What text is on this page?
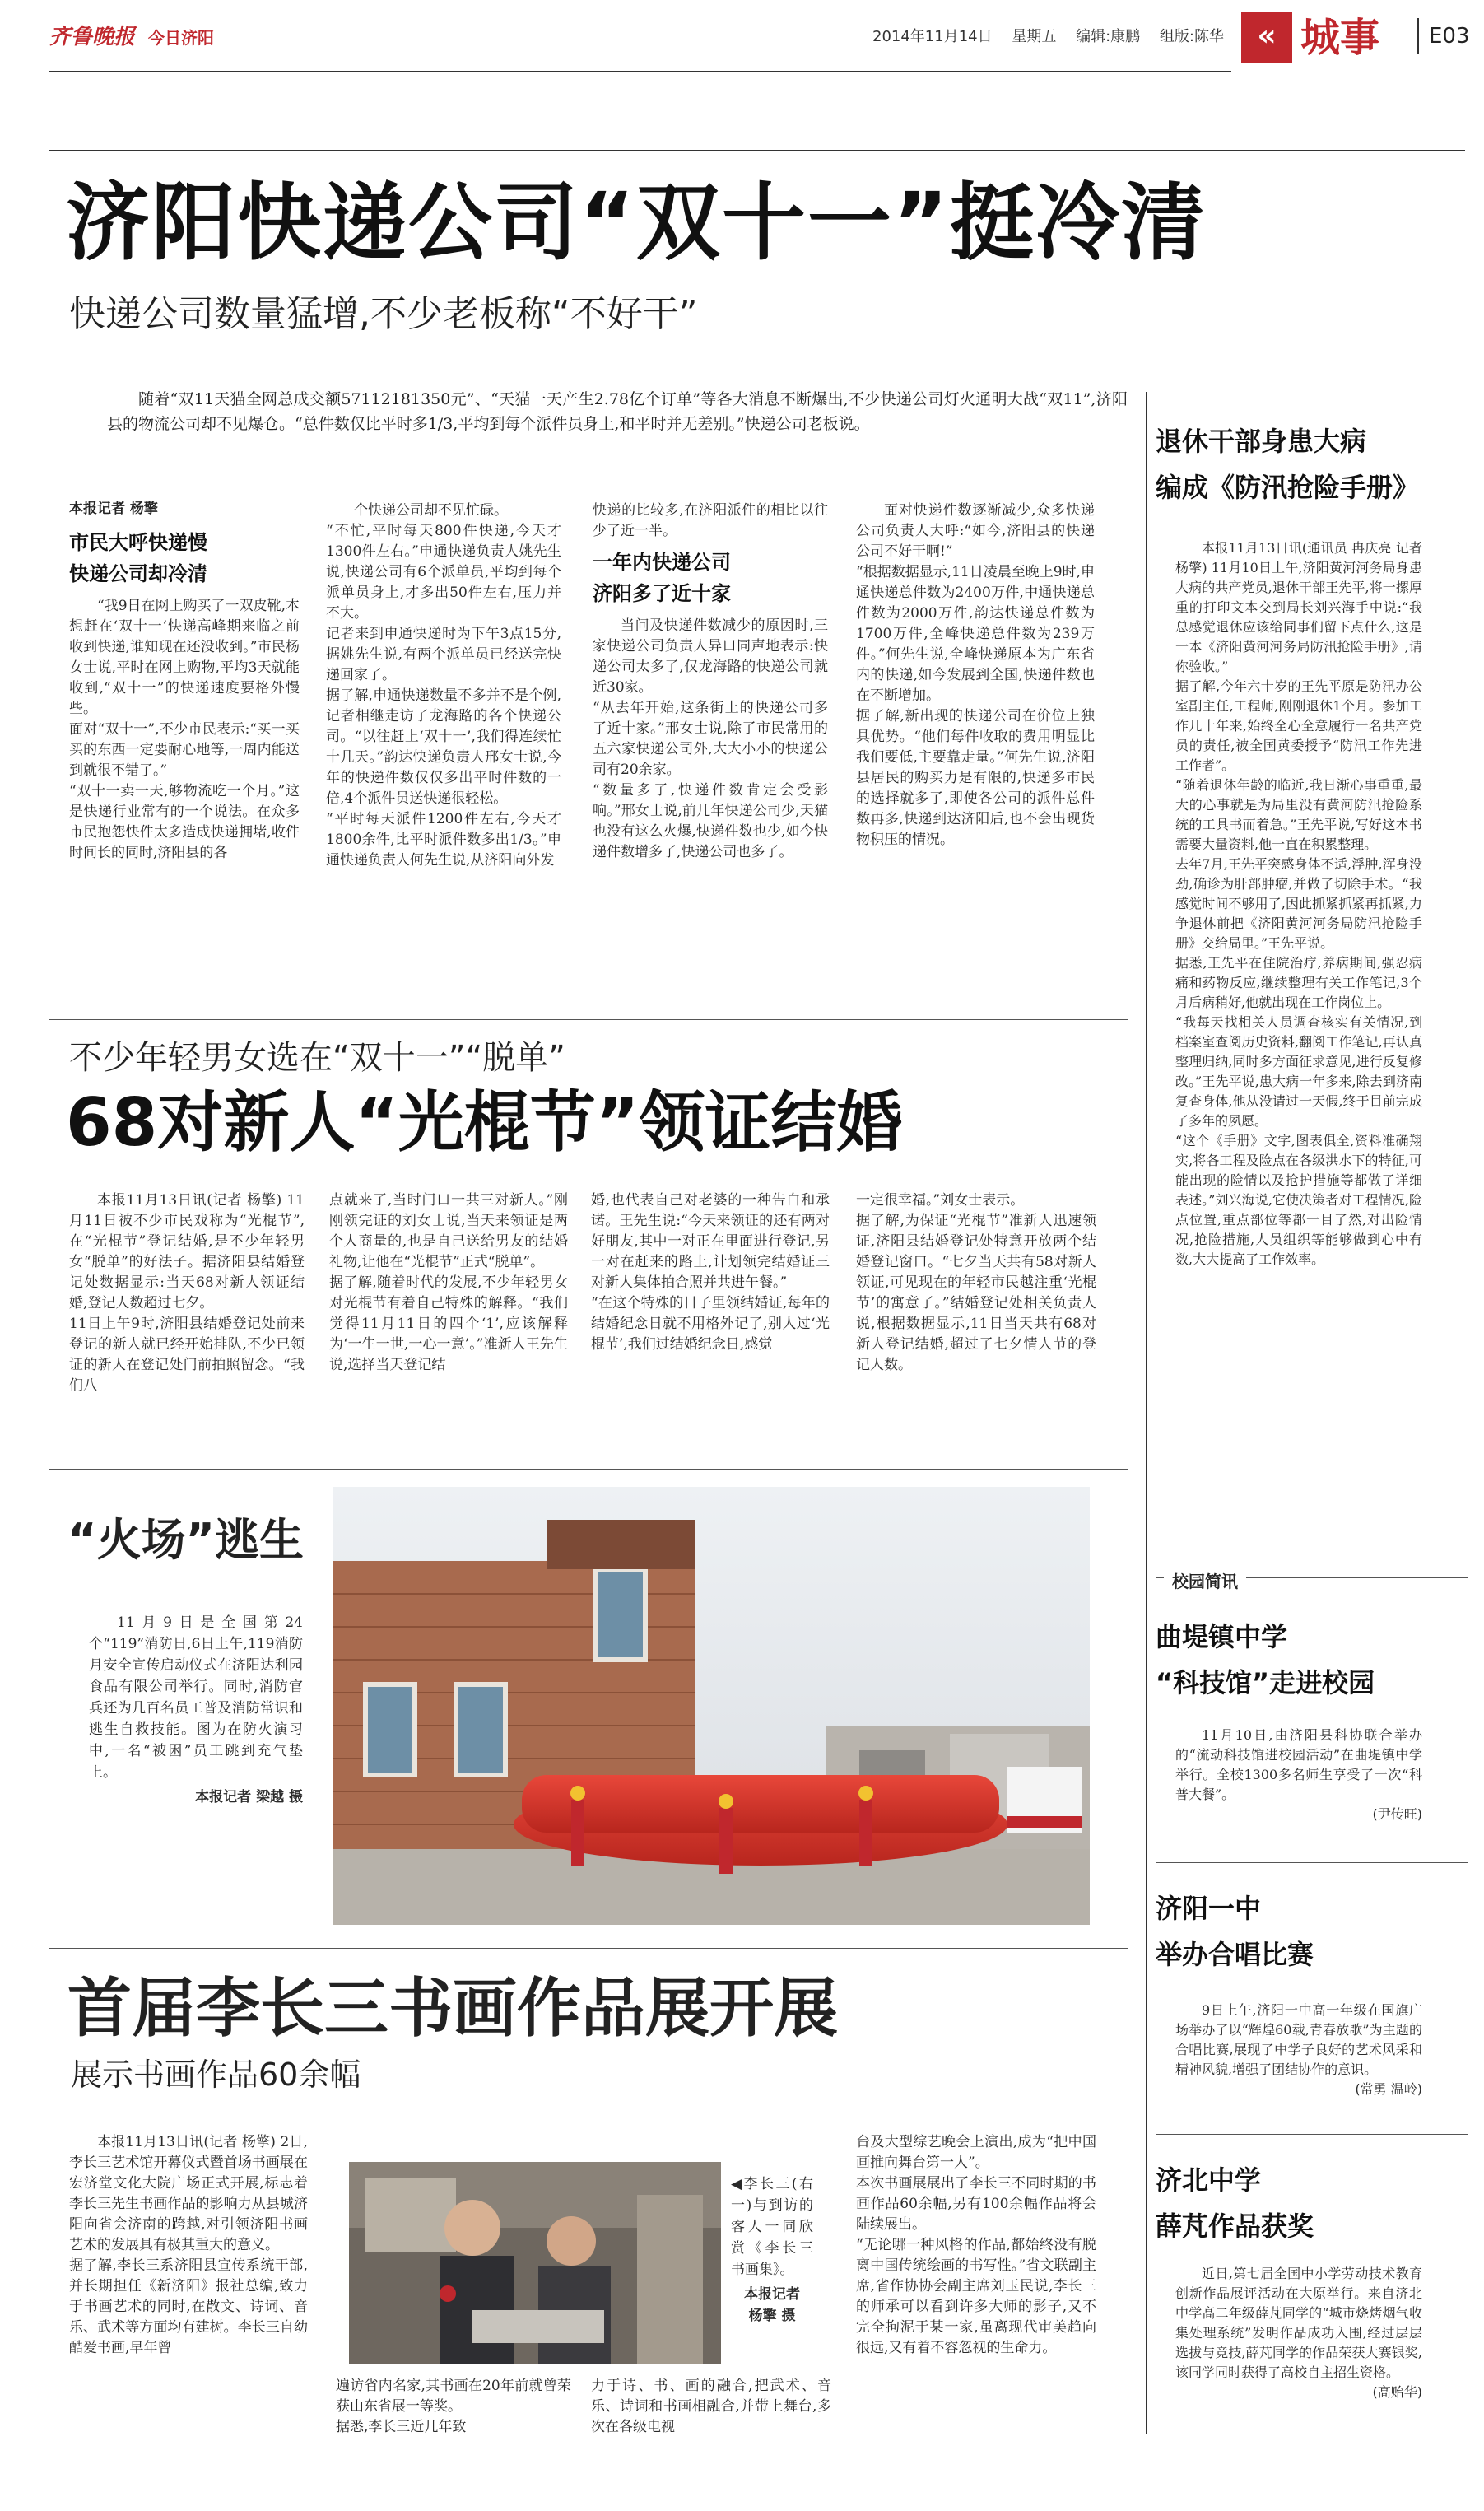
齐鲁晚报 今日济阳	2014年11月14日 星期五 编辑:康鹏 组版:陈华	« 城事	E03
济阳快递公司“双十一”挺冷清
快递公司数量猛增,不少老板称“不好干”
随着“双11天猫全网总成交额57112181350元”、“天猫一天产生2.78亿个订单”等各大消息不断爆出,不少快递公司灯火通明大战“双11”,济阳县的物流公司却不见爆仓。“总件数仅比平时多1/3,平均到每个派件员身上,和平时并无差别。”快递公司老板说。
本报记者 杨擎
市民大呼快递慢
快递公司却冷清
“我9日在网上购买了一双皮靴,本想赶在‘双十一’快递高峰期来临之前收到快递,谁知现在还没收到。”市民杨女士说,平时在网上购物,平均3天就能收到,“双十一”的快递速度要格外慢些。
面对“双十一”,不少市民表示:“买一买买的东西一定要耐心地等,一周内能送到就很不错了。”
“双十一卖一天,够物流吃一个月。”这是快递行业常有的一个说法。在众多市民抱怨快件太多造成快递拥堵,收件时间长的同时,济阳县的各
个快递公司却不见忙碌。
“不忙,平时每天800件快递,今天才1300件左右。”申通快递负责人姚先生说,快递公司有6个派单员,平均到每个派单员身上,才多出50件左右,压力并不大。
记者来到申通快递时为下午3点15分,据姚先生说,有两个派单员已经送完快递回家了。
据了解,申通快递数量不多并不是个例,记者相继走访了龙海路的各个快递公司。“以往赶上‘双十一’,我们得连续忙十几天。”韵达快递负责人邢女士说,今年的快递件数仅仅多出平时件数的一倍,4个派件员送快递很轻松。
“平时每天派件1200件左右,今天才1800余件,比平时派件数多出1/3。”申通快递负责人何先生说,从济阳向外发
快递的比较多,在济阳派件的相比以往少了近一半。
一年内快递公司
济阳多了近十家
当问及快递件数减少的原因时,三家快递公司负责人异口同声地表示:快递公司太多了,仅龙海路的快递公司就近30家。
“从去年开始,这条街上的快递公司多了近十家。”邢女士说,除了市民常用的五六家快递公司外,大大小小的快递公司有20余家。
“数量多了,快递件数肯定会受影响。”邢女士说,前几年快递公司少,天猫也没有这么火爆,快递件数也少,如今快递件数增多了,快递公司也多了。
面对快递件数逐渐减少,众多快递公司负责人大呼:“如今,济阳县的快递公司不好干啊!”
“根据数据显示,11日凌晨至晚上9时,申通快递总件数为2400万件,中通快递总件数为2000万件,韵达快递总件数为1700万件,全峰快递总件数为239万件。”何先生说,全峰快递原本为广东省内的快递,如今发展到全国,快递件数也在不断增加。
据了解,新出现的快递公司在价位上独具优势。“他们每件收取的费用明显比我们要低,主要靠走量。”何先生说,济阳县居民的购买力是有限的,快递多市民的选择就多了,即使各公司的派件总件数再多,快递到达济阳后,也不会出现货物积压的情况。
不少年轻男女选在“双十一”“脱单”
68对新人“光棍节”领证结婚
本报11月13日讯(记者 杨擎) 11月11日被不少市民戏称为“光棍节”,在“光棍节”登记结婚,是不少年轻男女“脱单”的好法子。据济阳县结婚登记处数据显示:当天68对新人领证结婚,登记人数超过七夕。
11日上午9时,济阳县结婚登记处前来登记的新人就已经开始排队,不少已领证的新人在登记处门前拍照留念。“我们八
点就来了,当时门口一共三对新人。”刚刚领完证的刘女士说,当天来领证是两个人商量的,也是自己送给男友的结婚礼物,让他在“光棍节”正式“脱单”。
据了解,随着时代的发展,不少年轻男女对光棍节有着自己特殊的解释。“我们觉得11月11日的四个‘1’,应该解释为‘一生一世,一心一意’。”准新人王先生说,选择当天登记结
婚,也代表自己对老婆的一种告白和承诺。王先生说:“今天来领证的还有两对好朋友,其中一对正在里面进行登记,另一对在赶来的路上,计划领完结婚证三对新人集体拍合照并共进午餐。”
“在这个特殊的日子里领结婚证,每年的结婚纪念日就不用格外记了,别人过‘光棍节’,我们过结婚纪念日,感觉
一定很幸福。”刘女士表示。
据了解,为保证“光棍节”准新人迅速领证,济阳县结婚登记处特意开放两个结婚登记窗口。“七夕当天共有58对新人领证,可见现在的年轻市民越注重‘光棍节’的寓意了。”结婚登记处相关负责人说,根据数据显示,11日当天共有68对新人登记结婚,超过了七夕情人节的登记人数。
“火场”逃生
11月9日是全国第24个“119”消防日,6日上午,119消防月安全宣传启动仪式在济阳达利园食品有限公司举行。同时,消防官兵还为几百名员工普及消防常识和逃生自救技能。图为在防火演习中,一名“被困”员工跳到充气垫上。
本报记者 梁越 摄
首届李长三书画作品展开展
展示书画作品60余幅
本报11月13日讯(记者 杨擎) 2日,李长三艺术馆开幕仪式暨首场书画展在宏济堂文化大院广场正式开展,标志着李长三先生书画作品的影响力从县城济阳向省会济南的跨越,对引领济阳书画艺术的发展具有极其重大的意义。
据了解,李长三系济阳县宣传系统干部,并长期担任《新济阳》报社总编,致力于书画艺术的同时,在散文、诗词、音乐、武术等方面均有建树。李长三自幼酷爱书画,早年曾
◀李长三(右一)与到访的客人一同欣赏《李长三书画集》。
本报记者
杨擎 摄
遍访省内名家,其书画在20年前就曾荣获山东省展一等奖。
据悉,李长三近几年致
力于诗、书、画的融合,把武术、音乐、诗词和书画相融合,并带上舞台,多次在各级电视
台及大型综艺晚会上演出,成为“把中国画推向舞台第一人”。
本次书画展展出了李长三不同时期的书画作品60余幅,另有100余幅作品将会陆续展出。
“无论哪一种风格的作品,都始终没有脱离中国传统绘画的书写性。”省文联副主席,省作协协会副主席刘玉民说,李长三的师承可以看到许多大师的影子,又不完全拘泥于某一家,虽离现代审美趋向很远,又有着不容忽视的生命力。
退休干部身患大病
编成《防汛抢险手册》
本报11月13日讯(通讯员 冉庆亮 记者 杨擎) 11月10日上午,济阳黄河河务局身患大病的共产党员,退休干部王先平,将一摞厚重的打印文本交到局长刘兴海手中说:“我总感觉退休应该给同事们留下点什么,这是一本《济阳黄河河务局防汛抢险手册》,请你验收。”
据了解,今年六十岁的王先平原是防汛办公室副主任,工程师,刚刚退休1个月。参加工作几十年来,始终全心全意履行一名共产党员的责任,被全国黄委授予“防汛工作先进工作者”。
“随着退休年龄的临近,我日渐心事重重,最大的心事就是为局里没有黄河防汛抢险系统的工具书而着急。”王先平说,写好这本书需要大量资料,他一直在积累整理。
去年7月,王先平突感身体不适,浮肿,浑身没劲,确诊为肝部肿瘤,并做了切除手术。“我感觉时间不够用了,因此抓紧抓紧再抓紧,力争退休前把《济阳黄河河务局防汛抢险手册》交给局里。”王先平说。
据悉,王先平在住院治疗,养病期间,强忍病痛和药物反应,继续整理有关工作笔记,3个月后病稍好,他就出现在工作岗位上。
“我每天找相关人员调查核实有关情况,到档案室查阅历史资料,翻阅工作笔记,再认真整理归纳,同时多方面征求意见,进行反复修改。”王先平说,患大病一年多来,除去到济南复查身体,他从没请过一天假,终于目前完成了多年的夙愿。
“这个《手册》文字,图表俱全,资料准确翔实,将各工程及险点在各级洪水下的特征,可能出现的险情以及抢护措施等都做了详细表述。”刘兴海说,它使决策者对工程情况,险点位置,重点部位等都一目了然,对出险情况,抢险措施,人员组织等能够做到心中有数,大大提高了工作效率。
校园简讯
曲堤镇中学
“科技馆”走进校园
11月10日,由济阳县科协联合举办的“流动科技馆进校园活动”在曲堤镇中学举行。全校1300多名师生享受了一次“科普大餐”。
(尹传旺)
济阳一中
举办合唱比赛
9日上午,济阳一中高一年级在国旗广场举办了以“辉煌60载,青春放歌”为主题的合唱比赛,展现了中学子良好的艺术风采和精神风貌,增强了团结协作的意识。
(常勇 温岭)
济北中学
薛芃作品获奖
近日,第七届全国中小学劳动技术教育创新作品展评活动在大原举行。来自济北中学高二年级薛芃同学的“城市烧烤烟气收集处理系统”发明作品成功入围,经过层层选拔与竞技,薛芃同学的作品荣获大赛银奖,该同学同时获得了高校自主招生资格。
(高贻华)
